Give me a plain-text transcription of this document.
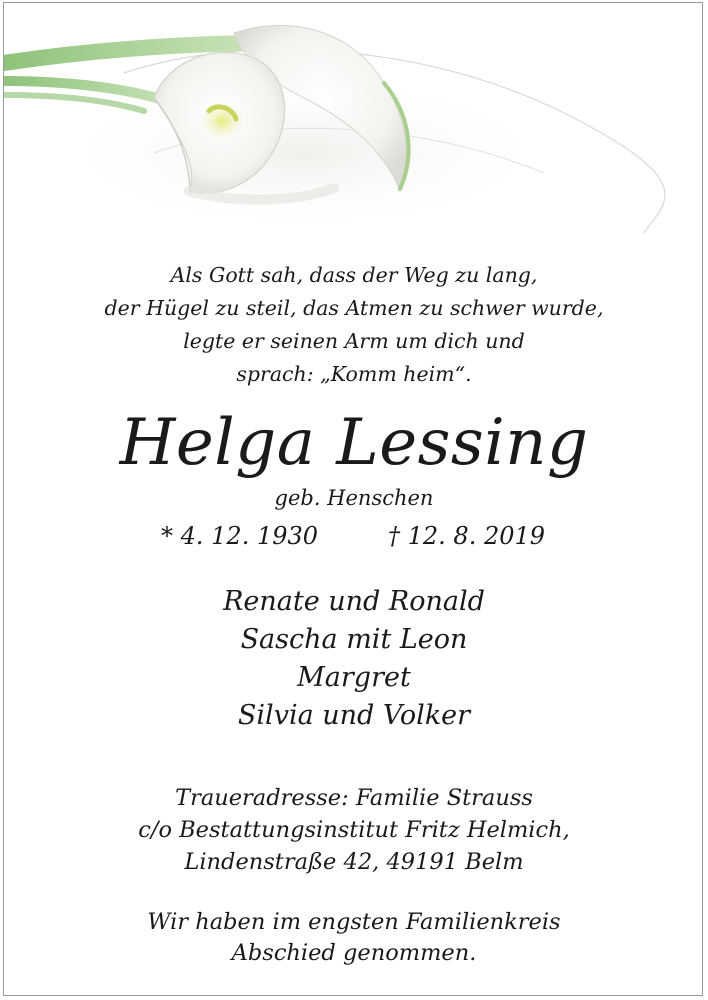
Als Gott sah, dass der Weg zu lang,
der Hügel zu steil, das Atmen zu schwer wurde,
legte er seinen Arm um dich und
sprach: „Komm heim“.
Helga Lessing
geb. Henschen
* 4. 12. 1930	† 12. 8. 2019
Renate und Ronald
Sascha mit Leon
Margret
Silvia und Volker
Traueradresse: Familie Strauss
c/o Bestattungsinstitut Fritz Helmich,
Lindenstraße 42, 49191 Belm
Wir haben im engsten Familienkreis
Abschied genommen.
